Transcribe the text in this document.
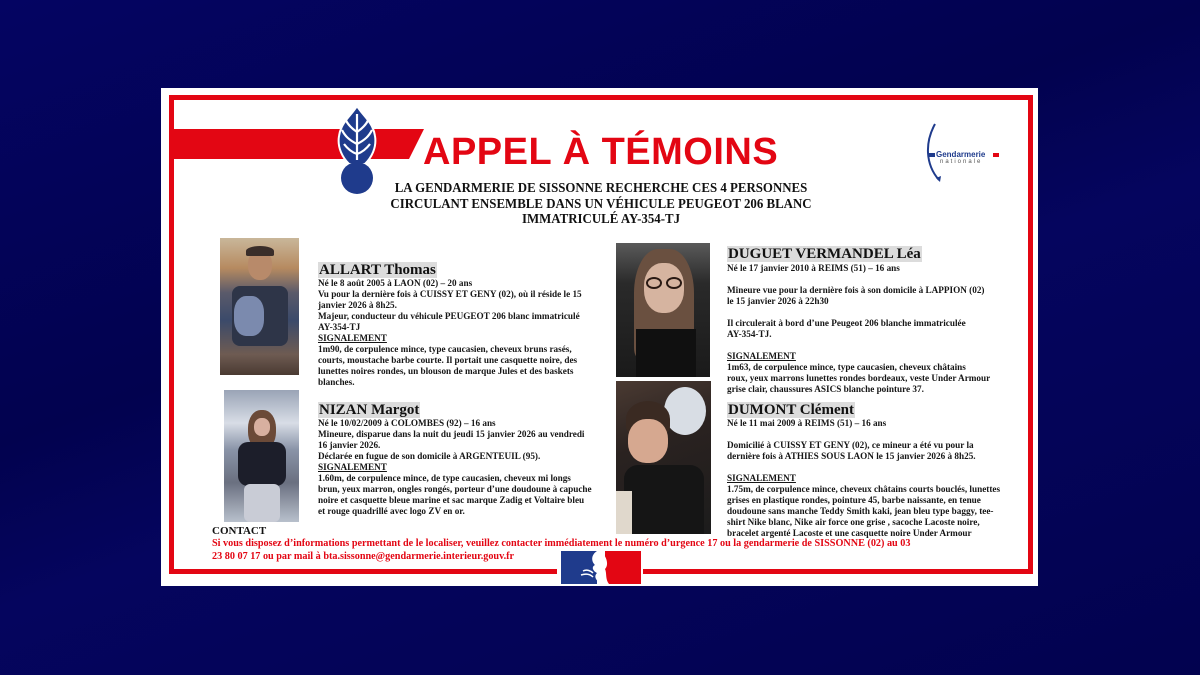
APPEL À TÉMOINS
LA GENDARMERIE DE SISSONNE RECHERCHE CES 4 PERSONNES
CIRCULANT ENSEMBLE DANS UN VÉHICULE PEUGEOT 206 BLANC
IMMATRICULÉ AY-354-TJ
Gendarmerie
nationale
ALLART Thomas

Né le 8 août 2005 à LAON (02) – 20 ans

Vu pour la dernière fois à CUISSY ET GENY (02), où il réside le 15

janvier 2026 à 8h25.

Majeur, conducteur du véhicule PEUGEOT 206 blanc immatriculé

AY-354-TJ

SIGNALEMENT

1m90, de corpulence mince, type caucasien, cheveux bruns rasés,

courts, moustache barbe courte. Il portait une casquette noire, des

lunettes noires rondes, un blouson de marque Jules et des baskets

blanches.

NIZAN Margot

Né le 10/02/2009 à COLOMBES (92) – 16 ans

Mineure, disparue dans la nuit du jeudi 15 janvier 2026 au vendredi

16 janvier 2026.

Déclarée en fugue de son domicile à ARGENTEUIL (95).

SIGNALEMENT

1.60m, de corpulence mince, de type caucasien, cheveux mi longs

brun, yeux marron, ongles rongés, porteur d’une doudoune à capuche

noire et casquette bleue marine et sac marque Zadig et Voltaire bleu

et rouge quadrillé avec logo ZV en or.

DUGUET VERMANDEL Léa

Né le 17 janvier 2010 à REIMS (51) – 16 ans

Mineure vue pour la dernière fois à son domicile à LAPPION (02)

le 15 janvier 2026 à 22h30

Il circulerait à bord d’une Peugeot 206 blanche immatriculée

AY-354-TJ.

SIGNALEMENT

1m63, de corpulence mince, type caucasien, cheveux châtains

roux, yeux marrons lunettes rondes bordeaux, veste Under Armour

grise clair, chaussures ASICS blanche pointure 37.

DUMONT Clément

Né le 11 mai 2009 à REIMS (51) – 16 ans

Domicilié à CUISSY ET GENY (02), ce mineur a été vu pour la

dernière fois à ATHIES SOUS LAON le 15 janvier 2026 à 8h25.

SIGNALEMENT

1.75m, de corpulence mince, cheveux châtains courts bouclés, lunettes

grises en plastique rondes, pointure 45, barbe naissante, en tenue

doudoune sans manche Teddy Smith kaki, jean bleu type baggy, tee-

shirt Nike blanc, Nike air force one grise , sacoche Lacoste noire,

bracelet argenté Lacoste et une casquette noire Under Armour

CONTACT
Si vous disposez d’informations permettant de le localiser, veuillez contacter immédiatement le numéro d’urgence 17 ou la gendarmerie de SISSONNE (02) au 03
23 80 07 17 ou par mail à bta.sissonne@gendarmerie.interieur.gouv.fr
